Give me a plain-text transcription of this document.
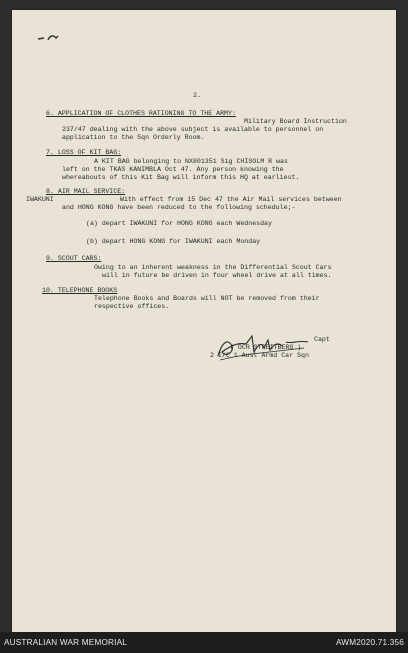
2.
6. APPLICATION OF CLOTHES RATIONING TO THE ARMY:
Military Board Instruction
237/47 dealing with the above subject is available to personnel on
application to the Sqn Orderly Room.
7. LOSS OF KIT BAG:
A KIT BAG belonging to NX801351 Sig CHISOLM R was
left on the TKAS KANIMBLA Oct 47. Any person knowing the
whereabouts of this Kit Bag will inform this HQ at earliest.
8. AIR MAIL SERVICE:
IWAKUNI	With effect from 15 Dec 47 the Air Mail services between
and HONG KONG have been reduced to the following schedule;-
(a) depart IWAKUNI for HONG KONG each Wednesday
(b) depart HONG KONG for IWAKUNI each Monday
9. SCOUT CARS:
Owing to an inherent weakness in the Differential Scout Cars
will in future be driven in four wheel drive at all times.
10. TELEPHONE BOOKS
Telephone Books and Boards will NOT be removed from their
respective offices.
Capt
( OCR STREITBERG )
2 I/C 1 Aust Armd Car Sqn
AUSTRALIAN WAR MEMORIAL	AWM2020.71.356
